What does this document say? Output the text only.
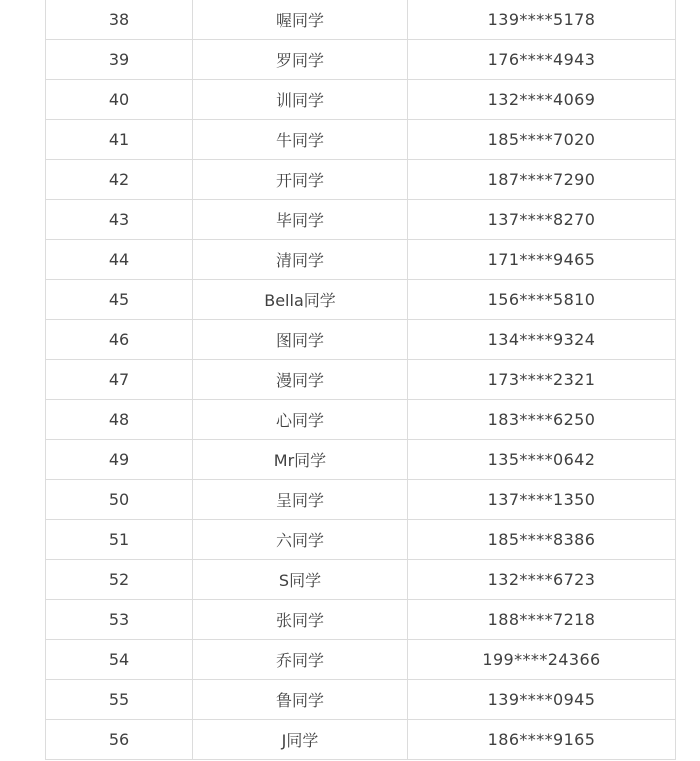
38	喔同学	139****5178
39	罗同学	176****4943
40	训同学	132****4069
41	牛同学	185****7020
42	开同学	187****7290
43	毕同学	137****8270
44	清同学	171****9465
45	Bella同学	156****5810
46	图同学	134****9324
47	漫同学	173****2321
48	心同学	183****6250
49	Mr同学	135****0642
50	呈同学	137****1350
51	六同学	185****8386
52	S同学	132****6723
53	张同学	188****7218
54	乔同学	199****24366
55	鲁同学	139****0945
56	J同学	186****9165
